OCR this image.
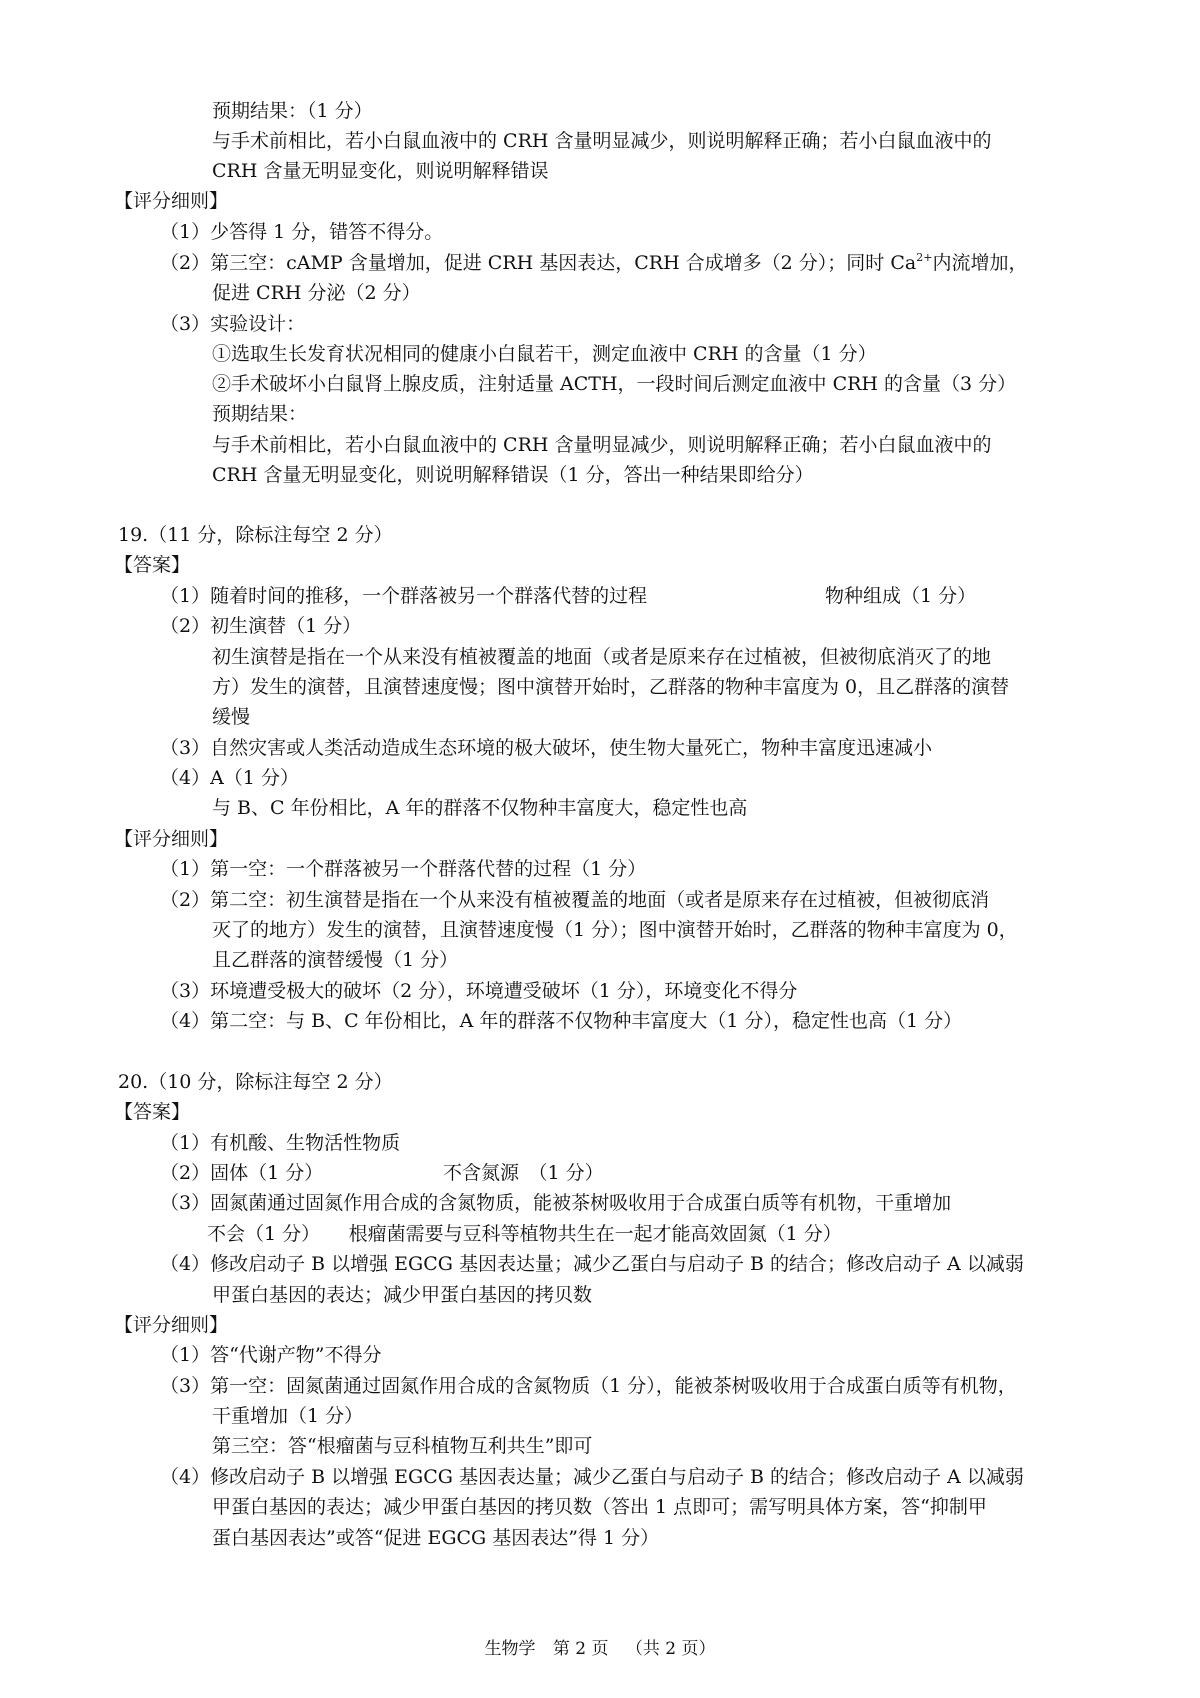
预期结果：（1 分）
与手术前相比，若小白鼠血液中的 CRH 含量明显减少，则说明解释正确；若小白鼠血液中的
CRH 含量无明显变化，则说明解释错误
【评分细则】
（1）少答得 1 分，错答不得分。
（2）第三空：cAMP 含量增加，促进 CRH 基因表达，CRH 合成增多（2 分）；同时 $Ca^{2+}$内流增加，
促进 CRH 分泌（2 分）
（3）实验设计：
①选取生长发育状况相同的健康小白鼠若干，测定血液中 CRH 的含量（1 分）
②手术破坏小白鼠肾上腺皮质，注射适量 ACTH，一段时间后测定血液中 CRH 的含量（3 分）
预期结果：
与手术前相比，若小白鼠血液中的 CRH 含量明显减少，则说明解释正确；若小白鼠血液中的
CRH 含量无明显变化，则说明解释错误（1 分，答出一种结果即给分）
19.（11 分，除标注每空 2 分）
【答案】
（1）随着时间的推移，一个群落被另一个群落代替的过程	物种组成（1 分）
（2）初生演替（1 分）
初生演替是指在一个从来没有植被覆盖的地面（或者是原来存在过植被，但被彻底消灭了的地
方）发生的演替，且演替速度慢；图中演替开始时，乙群落的物种丰富度为 0，且乙群落的演替
缓慢
（3）自然灾害或人类活动造成生态环境的极大破坏，使生物大量死亡，物种丰富度迅速减小
（4）A（1 分）
与 B、C 年份相比，A 年的群落不仅物种丰富度大，稳定性也高
【评分细则】
（1）第一空：一个群落被另一个群落代替的过程（1 分）
（2）第二空：初生演替是指在一个从来没有植被覆盖的地面（或者是原来存在过植被，但被彻底消
灭了的地方）发生的演替，且演替速度慢（1 分）；图中演替开始时，乙群落的物种丰富度为 0，
且乙群落的演替缓慢（1 分）
（3）环境遭受极大的破坏（2 分），环境遭受破坏（1 分），环境变化不得分
（4）第二空：与 B、C 年份相比，A 年的群落不仅物种丰富度大（1 分），稳定性也高（1 分）
20.（10 分，除标注每空 2 分）
【答案】
（1）有机酸、生物活性物质
（2）固体（1 分）	不含氮源　（1 分）
（3）固氮菌通过固氮作用合成的含氮物质，能被茶树吸收用于合成蛋白质等有机物，干重增加
不会（1 分）　　根瘤菌需要与豆科等植物共生在一起才能高效固氮（1 分）
（4）修改启动子 B 以增强 EGCG 基因表达量；减少乙蛋白与启动子 B 的结合；修改启动子 A 以减弱
甲蛋白基因的表达；减少甲蛋白基因的拷贝数
【评分细则】
（1）答“代谢产物”不得分
（3）第一空：固氮菌通过固氮作用合成的含氮物质（1 分），能被茶树吸收用于合成蛋白质等有机物，
干重增加（1 分）
第三空：答“根瘤菌与豆科植物互利共生”即可
（4）修改启动子 B 以增强 EGCG 基因表达量；减少乙蛋白与启动子 B 的结合；修改启动子 A 以减弱
甲蛋白基因的表达；减少甲蛋白基因的拷贝数（答出 1 点即可；需写明具体方案，答“抑制甲
蛋白基因表达”或答“促进 EGCG 基因表达”得 1 分）
生物学 第 2 页 （共 2 页）
